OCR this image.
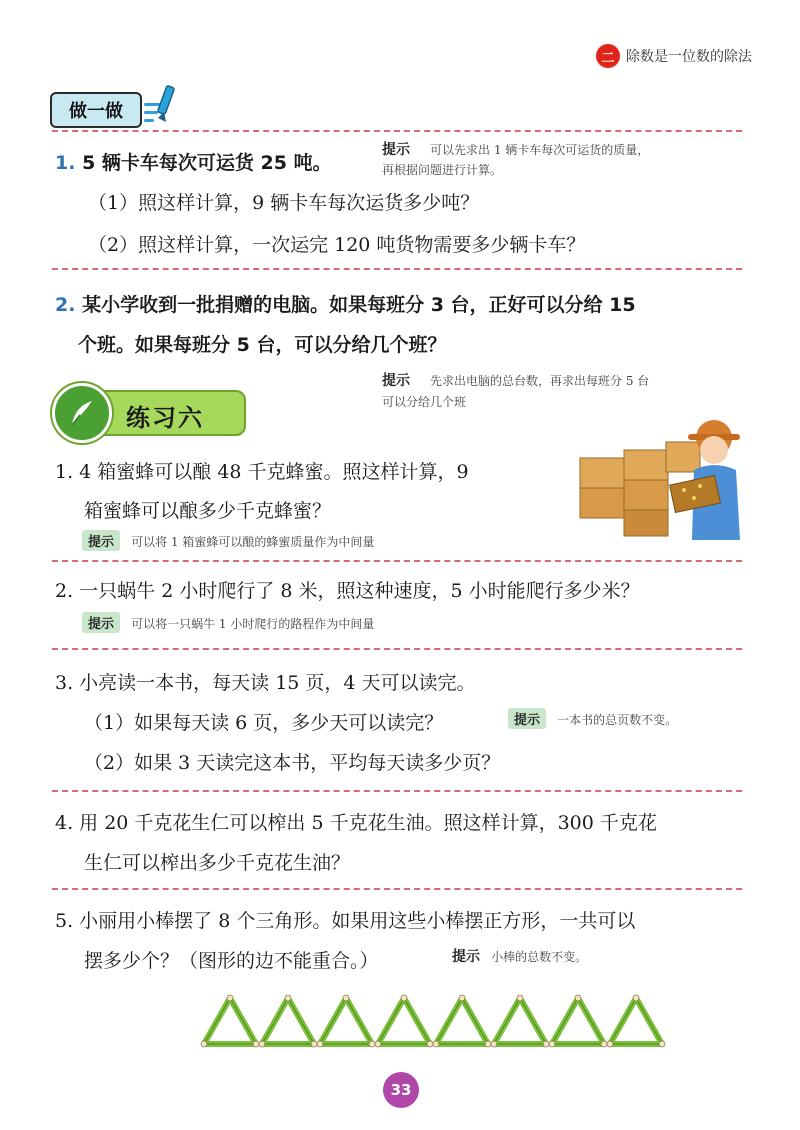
二 除数是一位数的除法
做一做
1. 5 辆卡车每次可运货 25 吨。
提示 可以先求出 1 辆卡车每次可运货的质量，
再根据问题进行计算。
（1）照这样计算，9 辆卡车每次运货多少吨？
（2）照这样计算，一次运完 120 吨货物需要多少辆卡车？
2. 某小学收到一批捐赠的电脑。如果每班分 3 台，正好可以分给 15
个班。如果每班分 5 台，可以分给几个班？
提示 先求出电脑的总台数，再求出每班分 5 台
可以分给几个班
练习六
1. 4 箱蜜蜂可以酿 48 千克蜂蜜。照这样计算，9
箱蜜蜂可以酿多少千克蜂蜜？
提示 可以将 1 箱蜜蜂可以酿的蜂蜜质量作为中间量
2. 一只蜗牛 2 小时爬行了 8 米，照这种速度，5 小时能爬行多少米？
提示 可以将一只蜗牛 1 小时爬行的路程作为中间量
3. 小亮读一本书，每天读 15 页，4 天可以读完。
（1）如果每天读 6 页，多少天可以读完？	提示 一本书的总页数不变。
（2）如果 3 天读完这本书，平均每天读多少页？
4. 用 20 千克花生仁可以榨出 5 千克花生油。照这样计算，300 千克花
生仁可以榨出多少千克花生油？
5. 小丽用小棒摆了 8 个三角形。如果用这些小棒摆正方形，一共可以
摆多少个？（图形的边不能重合。）	提示 小棒的总数不变。
33
